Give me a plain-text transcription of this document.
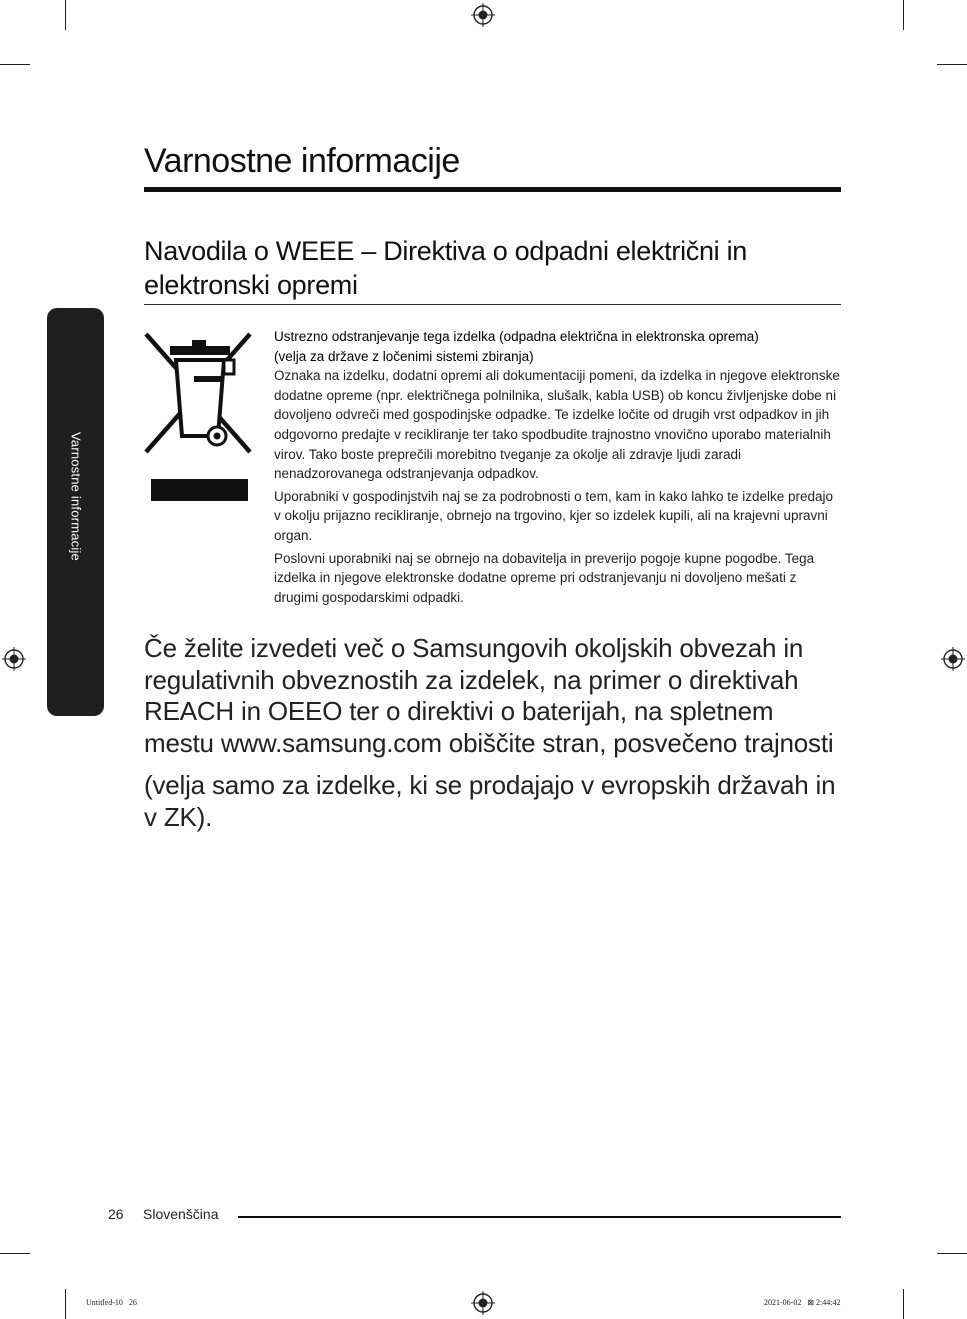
Varnostne informacije
Varnostne informacije
Navodila o WEEE – Direktiva o odpadni električni in elektronski opremi

Ustrezno odstranjevanje tega izdelka (odpadna električna in elektronska oprema)

(velja za države z ločenimi sistemi zbiranja)

Oznaka na izdelku, dodatni opremi ali dokumentaciji pomeni, da izdelka in njegove elektronske dodatne opreme (npr. električnega polnilnika, slušalk, kabla USB) ob koncu življenjske dobe ni dovoljeno odvreči med gospodinjske odpadke. Te izdelke ločite od drugih vrst odpadkov in jih odgovorno predajte v recikliranje ter tako spodbudite trajnostno vnovično uporabo materialnih virov. Tako boste preprečili morebitno tveganje za okolje ali zdravje ljudi zaradi nenadzorovanega odstranjevanja odpadkov.

Uporabniki v gospodinjstvih naj se za podrobnosti o tem, kam in kako lahko te izdelke predajo v okolju prijazno recikliranje, obrnejo na trgovino, kjer so izdelek kupili, ali na krajevni upravni organ.

Poslovni uporabniki naj se obrnejo na dobavitelja in preverijo pogoje kupne pogodbe. Tega izdelka in njegove elektronske dodatne opreme pri odstranjevanju ni dovoljeno mešati z drugimi gospodarskimi odpadki.

Če želite izvedeti več o Samsungovih okoljskih obvezah in regulativnih obveznostih za izdelek, na primer o direktivah REACH in OEEO ter o direktivi o baterijah, na spletnem mestu www.samsung.com obiščite stran, posvečeno trajnosti

(velja samo za izdelke, ki se prodajajo v evropskih državah in v ZK).

26 Slovenščina
Untitled-10   26	2021-06-02   ⊠ 2:44:42
